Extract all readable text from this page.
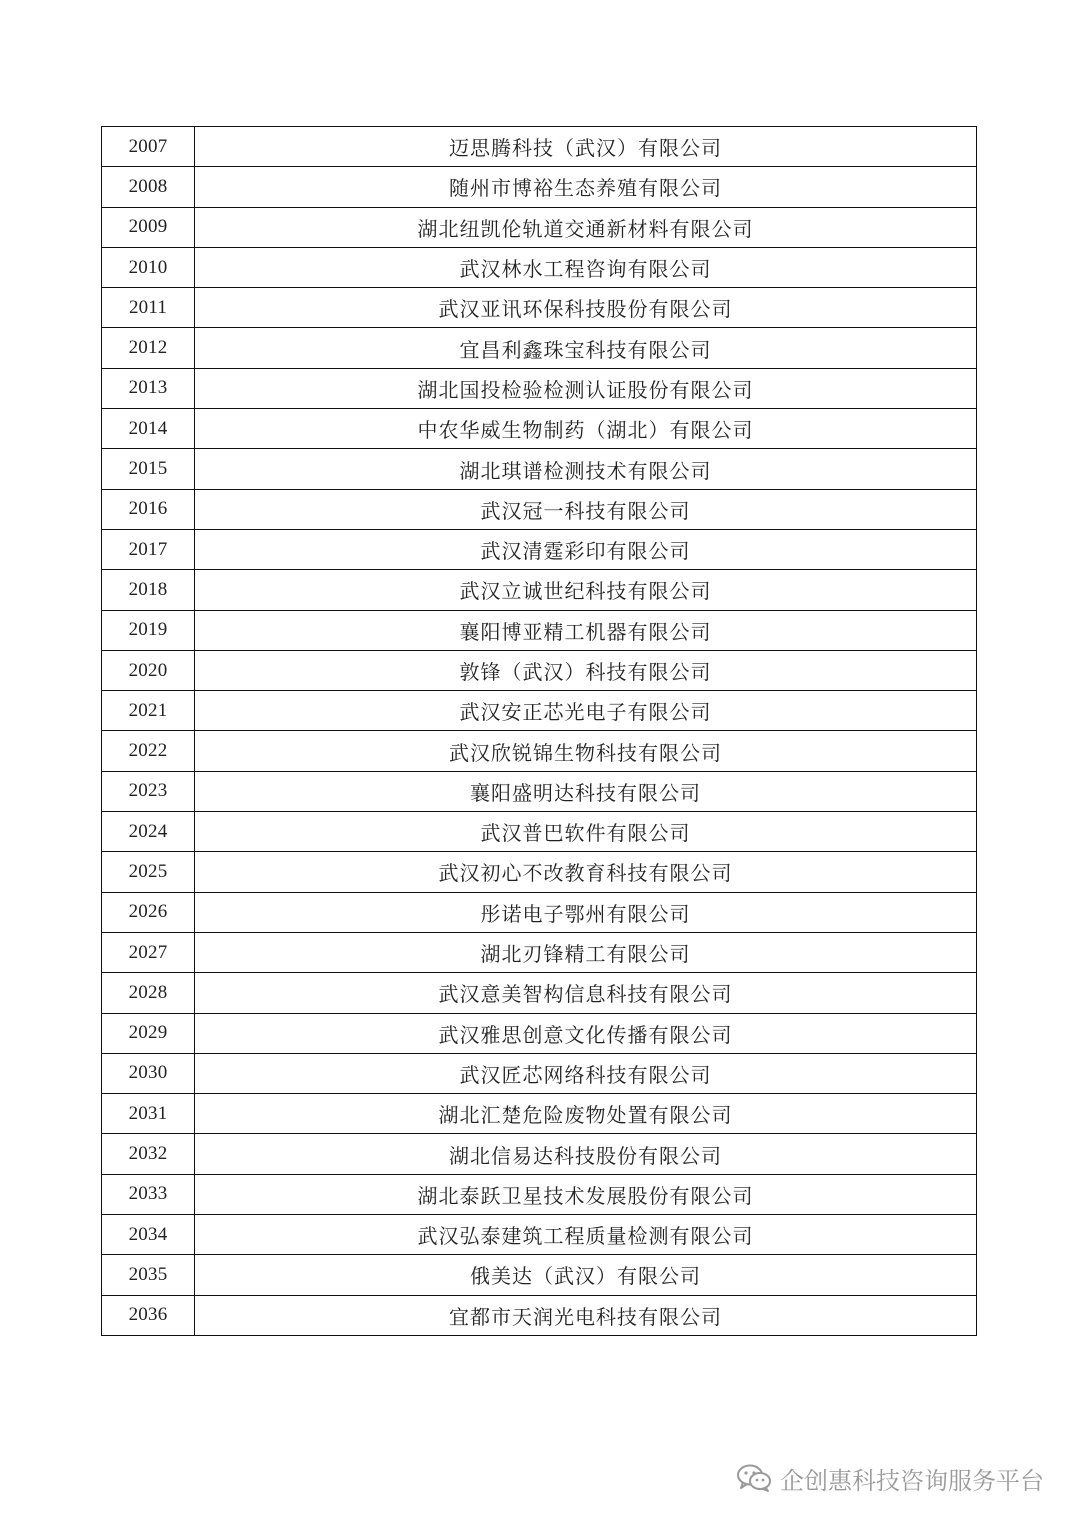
2007	迈思腾科技（武汉）有限公司
2008	随州市博裕生态养殖有限公司
2009	湖北纽凯伦轨道交通新材料有限公司
2010	武汉林水工程咨询有限公司
2011	武汉亚讯环保科技股份有限公司
2012	宜昌利鑫珠宝科技有限公司
2013	湖北国投检验检测认证股份有限公司
2014	中农华威生物制药（湖北）有限公司
2015	湖北琪谱检测技术有限公司
2016	武汉冠一科技有限公司
2017	武汉清霆彩印有限公司
2018	武汉立诚世纪科技有限公司
2019	襄阳博亚精工机器有限公司
2020	敦锋（武汉）科技有限公司
2021	武汉安正芯光电子有限公司
2022	武汉欣锐锦生物科技有限公司
2023	襄阳盛明达科技有限公司
2024	武汉普巴软件有限公司
2025	武汉初心不改教育科技有限公司
2026	彤诺电子鄂州有限公司
2027	湖北刃锋精工有限公司
2028	武汉意美智构信息科技有限公司
2029	武汉雅思创意文化传播有限公司
2030	武汉匠芯网络科技有限公司
2031	湖北汇楚危险废物处置有限公司
2032	湖北信易达科技股份有限公司
2033	湖北泰跃卫星技术发展股份有限公司
2034	武汉弘泰建筑工程质量检测有限公司
2035	俄美达（武汉）有限公司
2036	宜都市天润光电科技有限公司
企创惠科技咨询服务平台
